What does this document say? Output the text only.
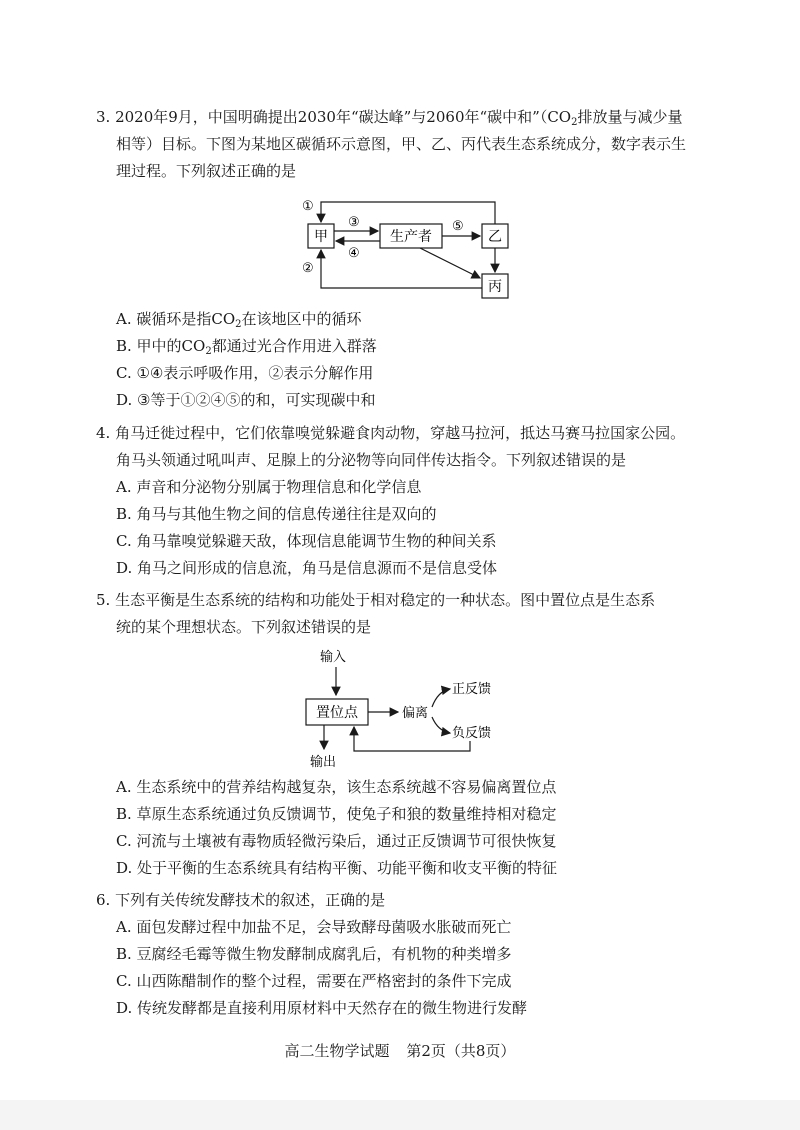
3. 2020年9月，中国明确提出2030年“碳达峰”与2060年“碳中和$”(CO_2$排放量与减少量
相等）目标。下图为某地区碳循环示意图，甲、乙、丙代表生态系统成分，数字表示生
理过程。下列叙述正确的是
甲	生产者	乙
丙
①
③
④
⑤
②
A. 碳循环是指$CO_2$在该地区中的循环
B. 甲中的$CO_2$都通过光合作用进入群落
C. ①④表示呼吸作用，②表示分解作用
D. ③等于①②④⑤的和，可实现碳中和
4. 角马迁徙过程中，它们依靠嗅觉躲避食肉动物，穿越马拉河，抵达马赛马拉国家公园。
角马头领通过吼叫声、足腺上的分泌物等向同伴传达指令。下列叙述错误的是
A. 声音和分泌物分别属于物理信息和化学信息
B. 角马与其他生物之间的信息传递往往是双向的
C. 角马靠嗅觉躲避天敌，体现信息能调节生物的种间关系
D. 角马之间形成的信息流，角马是信息源而不是信息受体
5. 生态平衡是生态系统的结构和功能处于相对稳定的一种状态。图中置位点是生态系
统的某个理想状态。下列叙述错误的是
输入
置位点	偏离
正反馈
负反馈
输出
A. 生态系统中的营养结构越复杂，该生态系统越不容易偏离置位点
B. 草原生态系统通过负反馈调节，使兔子和狼的数量维持相对稳定
C. 河流与土壤被有毒物质轻微污染后，通过正反馈调节可很快恢复
D. 处于平衡的生态系统具有结构平衡、功能平衡和收支平衡的特征
6. 下列有关传统发酵技术的叙述，正确的是
A. 面包发酵过程中加盐不足，会导致酵母菌吸水胀破而死亡
B. 豆腐经毛霉等微生物发酵制成腐乳后，有机物的种类增多
C. 山西陈醋制作的整个过程，需要在严格密封的条件下完成
D. 传统发酵都是直接利用原材料中天然存在的微生物进行发酵
高二生物学试题 第2页（共8页）
